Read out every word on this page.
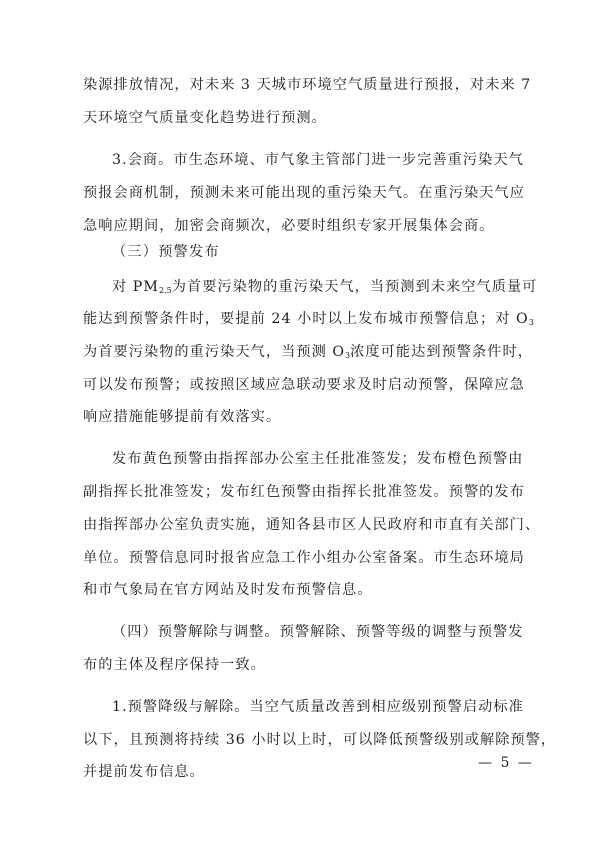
染源排放情况，对未来 3 天城市环境空气质量进行预报，对未来 7
天环境空气质量变化趋势进行预测。
3.会商。市生态环境、市气象主管部门进一步完善重污染天气
预报会商机制，预测未来可能出现的重污染天气。在重污染天气应
急响应期间，加密会商频次，必要时组织专家开展集体会商。
（三）预警发布
对 $PM_{2.5}$为首要污染物的重污染天气，当预测到未来空气质量可
能达到预警条件时，要提前 24 小时以上发布城市预警信息；对 $O_3$
为首要污染物的重污染天气，当预测 $O_3$浓度可能达到预警条件时，
可以发布预警；或按照区域应急联动要求及时启动预警，保障应急
响应措施能够提前有效落实。
发布黄色预警由指挥部办公室主任批准签发；发布橙色预警由
副指挥长批准签发；发布红色预警由指挥长批准签发。预警的发布
由指挥部办公室负责实施，通知各县市区人民政府和市直有关部门、
单位。预警信息同时报省应急工作小组办公室备案。市生态环境局
和市气象局在官方网站及时发布预警信息。
（四）预警解除与调整。预警解除、预警等级的调整与预警发
布的主体及程序保持一致。
1.预警降级与解除。当空气质量改善到相应级别预警启动标准
以下，且预测将持续 36 小时以上时，可以降低预警级别或解除预警，
并提前发布信息。
— 5 —
